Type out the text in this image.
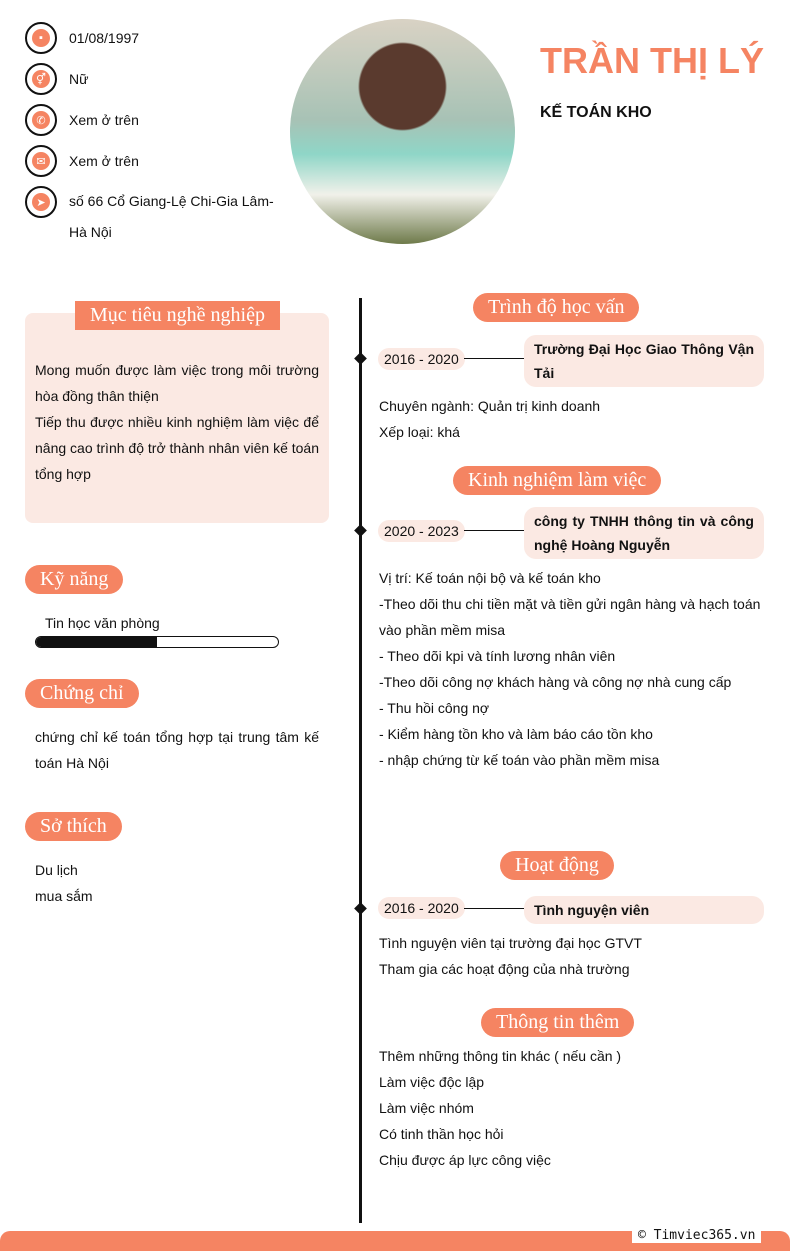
▪	01/08/1997
⚥ Nữ
✆	Xem ở trên
✉	Xem ở trên
➤	số 66 Cổ Giang-Lệ Chi-Gia Lâm-Hà Nội
TRẦN THỊ LÝ
KẾ TOÁN KHO
Mục tiêu nghề nghiệp
Mong muốn được làm việc trong môi trường hòa đồng thân thiện
Tiếp thu được nhiều kinh nghiệm làm việc để nâng cao trình độ trở thành nhân viên kế toán tổng hợp
Kỹ năng
Tin học văn phòng
Chứng chỉ
chứng chỉ kế toán tổng hợp tại trung tâm kế toán Hà Nội
Sở thích
Du lịch
mua sắm
Trình độ học vấn
2016 - 2020
Trường Đại Học Giao Thông Vận Tải
Chuyên ngành: Quản trị kinh doanh
Xếp loại: khá
Kinh nghiệm làm việc
2020 - 2023
công ty TNHH thông tin và công nghệ Hoàng Nguyễn
Vị trí: Kế toán nội bộ và kế toán kho
-Theo dõi thu chi tiền mặt và tiền gửi ngân hàng và hạch toán vào phần mềm misa
- Theo dõi kpi và tính lương nhân viên
-Theo dõi công nợ khách hàng và công nợ nhà cung cấp
- Thu hồi công nợ
- Kiểm hàng tồn kho và làm báo cáo tồn kho
- nhập chứng từ kế toán vào phần mềm misa
Hoạt động
2016 - 2020	Tình nguyện viên
Tình nguyện viên tại trường đại học GTVT
Tham gia các hoạt động của nhà trường
Thông tin thêm
Thêm những thông tin khác ( nếu cần )
Làm việc độc lập
Làm việc nhóm
Có tinh thần học hỏi
Chịu được áp lực công việc
© Timviec365.vn
